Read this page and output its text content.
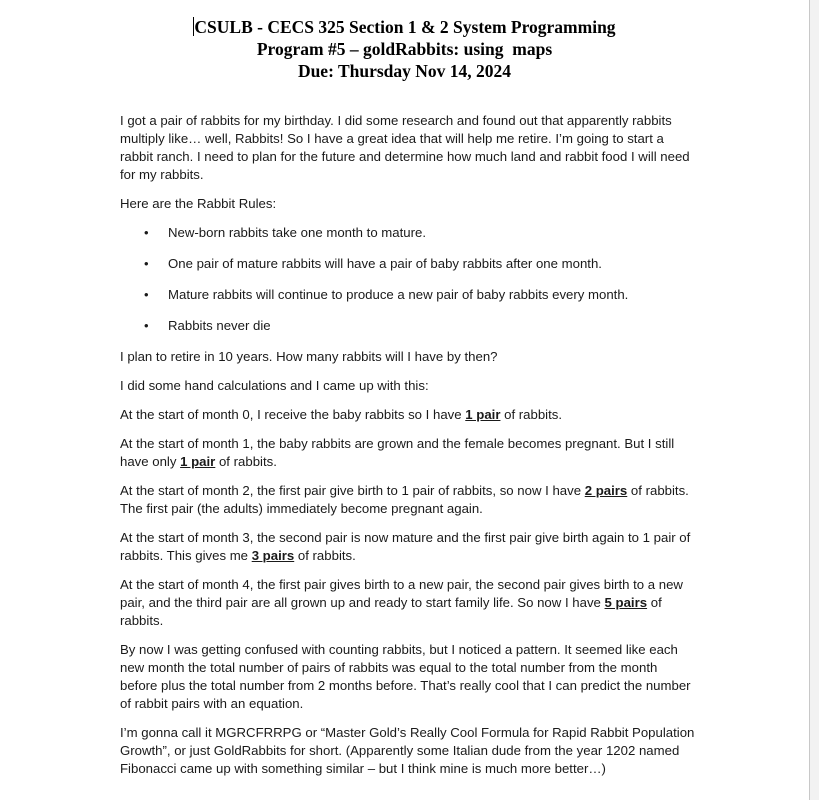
CSULB - CECS 325 Section 1 & 2 System Programming
Program #5 – goldRabbits: using  maps
Due: Thursday Nov 14, 2024

I got a pair of rabbits for my birthday. I did some research and found out that apparently rabbits multiply like… well, Rabbits! So I have a great idea that will help me retire. I’m going to start a rabbit ranch. I need to plan for the future and determine how much land and rabbit food I will need for my rabbits.

Here are the Rabbit Rules:

• New-born rabbits take one month to mature.
• One pair of mature rabbits will have a pair of baby rabbits after one month.
• Mature rabbits will continue to produce a new pair of baby rabbits every month.
• Rabbits never die

I plan to retire in 10 years. How many rabbits will I have by then?

I did some hand calculations and I came up with this:

At the start of month 0, I receive the baby rabbits so I have 1 pair of rabbits.

At the start of month 1, the baby rabbits are grown and the female becomes pregnant. But I still have only 1 pair of rabbits.

At the start of month 2, the first pair give birth to 1 pair of rabbits, so now I have 2 pairs of rabbits. The first pair (the adults) immediately become pregnant again.

At the start of month 3, the second pair is now mature and the first pair give birth again to 1 pair of rabbits. This gives me 3 pairs of rabbits.

At the start of month 4, the first pair gives birth to a new pair, the second pair gives birth to a new pair, and the third pair are all grown up and ready to start family life. So now I have 5 pairs of rabbits.

By now I was getting confused with counting rabbits, but I noticed a pattern. It seemed like each new month the total number of pairs of rabbits was equal to the total number from the month before plus the total number from 2 months before. That’s really cool that I can predict the number of rabbit pairs with an equation.

I’m gonna call it MGRCFRRPG or “Master Gold’s Really Cool Formula for Rapid Rabbit Population Growth”, or just GoldRabbits for short. (Apparently some Italian dude from the year 1202 named Fibonacci came up with something similar – but I think mine is much more better…)
